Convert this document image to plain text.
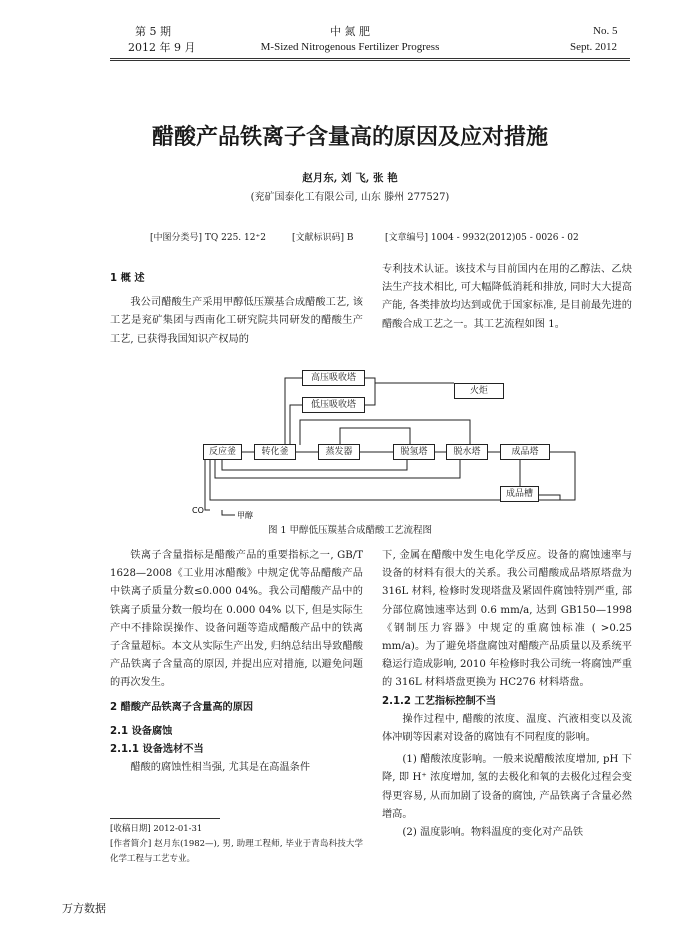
第 5 期
2012 年 9 月
中 氮 肥
M-Sized Nitrogenous Fertilizer Progress
No. 5
Sept. 2012
醋酸产品铁离子含量高的原因及应对措施
赵月东, 刘 飞, 张 艳
(兖矿国泰化工有限公司, 山东 滕州 277527)
[中图分类号] TQ 225. 12⁺2	[文献标识码] B	[文章编号] 1004 - 9932(2012)05 - 0026 - 02

1 概 述

我公司醋酸生产采用甲醇低压羰基合成醋酸工艺, 该工艺是兖矿集团与西南化工研究院共同研发的醋酸生产工艺, 已获得我国知识产权局的

专利技术认证。该技术与目前国内在用的乙醇法、乙炔法生产技术相比, 可大幅降低消耗和排放, 同时大大提高产能, 各类排放均达到或优于国家标准, 是目前最先进的醋酸合成工艺之一。其工艺流程如图 1。

CO
甲醇
高压吸收塔
火炬
低压吸收塔
反应釜	转化釜	蒸发器	脱氢塔	脱水塔	成品塔
成品槽
图 1 甲醇低压羰基合成醋酸工艺流程图

铁离子含量指标是醋酸产品的重要指标之一, GB/T 1628—2008《工业用冰醋酸》中规定优等品醋酸产品中铁离子质量分数≤0.000 04%。我公司醋酸产品中的铁离子质量分数一般均在 0.000 04% 以下, 但是实际生产中不排除误操作、设备问题等造成醋酸产品中的铁离子含量超标。本文从实际生产出发, 归纳总结出导致醋酸产品铁离子含量高的原因, 并提出应对措施, 以避免问题的再次发生。

2 醋酸产品铁离子含量高的原因

2.1 设备腐蚀

2.1.1 设备选材不当

醋酸的腐蚀性相当强, 尤其是在高温条件

[收稿日期] 2012-01-31

[作者简介] 赵月东(1982—), 男, 助理工程师, 毕业于青岛科技大学化学工程与工艺专业。

下, 金属在醋酸中发生电化学反应。设备的腐蚀速率与设备的材料有很大的关系。我公司醋酸成品塔原塔盘为 316L 材料, 检修时发现塔盘及紧固件腐蚀特别严重, 部分部位腐蚀速率达到 0.6 mm/a, 达到 GB150—1998《钢制压力容器》中规定的重腐蚀标准 ( >0.25 mm/a)。为了避免塔盘腐蚀对醋酸产品质量以及系统平稳运行造成影响, 2010 年检修时我公司统一将腐蚀严重的 316L 材料塔盘更换为 HC276 材料塔盘。

2.1.2 工艺指标控制不当

操作过程中, 醋酸的浓度、温度、汽液相变以及流体冲刷等因素对设备的腐蚀有不同程度的影响。

(1) 醋酸浓度影响。一般来说醋酸浓度增加, pH 下降, 即 H⁺ 浓度增加, 氢的去极化和氧的去极化过程会变得更容易, 从而加剧了设备的腐蚀, 产品铁离子含量必然增高。

(2) 温度影响。物料温度的变化对产品铁

万方数据
